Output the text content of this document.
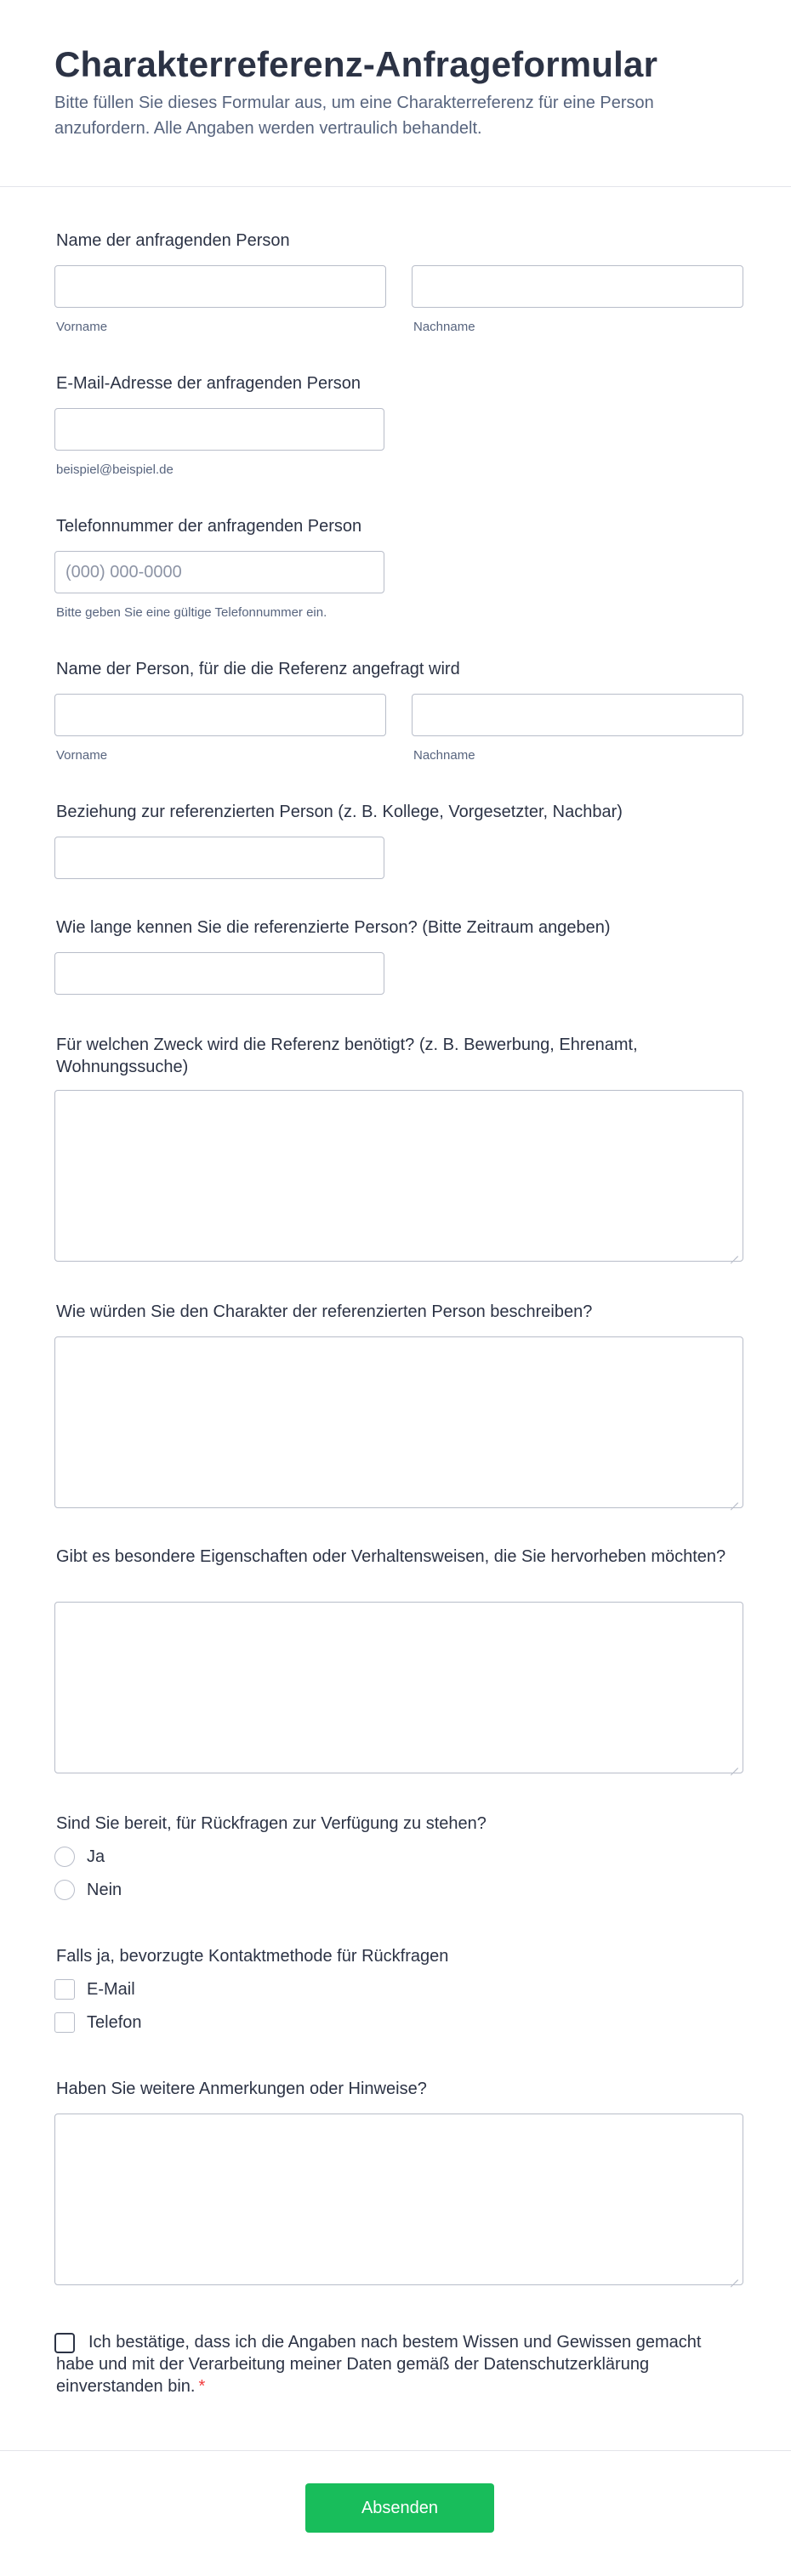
Charakterreferenz-Anfrageformular

Bitte füllen Sie dieses Formular aus, um eine Charakterreferenz für eine Person anzufordern. Alle Angaben werden vertraulich behandelt.

Name der anfragenden Person
Vorname	Nachname
E-Mail-Adresse der anfragenden Person
beispiel@beispiel.de
Telefonnummer der anfragenden Person
(000) 000-0000
Bitte geben Sie eine gültige Telefonnummer ein.
Name der Person, für die die Referenz angefragt wird
Vorname	Nachname
Beziehung zur referenzierten Person (z. B. Kollege, Vorgesetzter, Nachbar)
Wie lange kennen Sie die referenzierte Person? (Bitte Zeitraum angeben)
Für welchen Zweck wird die Referenz benötigt? (z. B. Bewerbung, Ehrenamt, Wohnungssuche)
Wie würden Sie den Charakter der referenzierten Person beschreiben?
Gibt es besondere Eigenschaften oder Verhaltensweisen, die Sie hervorheben möchten?
Sind Sie bereit, für Rückfragen zur Verfügung zu stehen?
Ja
Nein
Falls ja, bevorzugte Kontaktmethode für Rückfragen
E-Mail
Telefon
Haben Sie weitere Anmerkungen oder Hinweise?

Ich bestätige, dass ich die Angaben nach bestem Wissen und Gewissen gemacht habe und mit der Verarbeitung meiner Daten gemäß der Datenschutzerklärung einverstanden bin. *

Absenden
